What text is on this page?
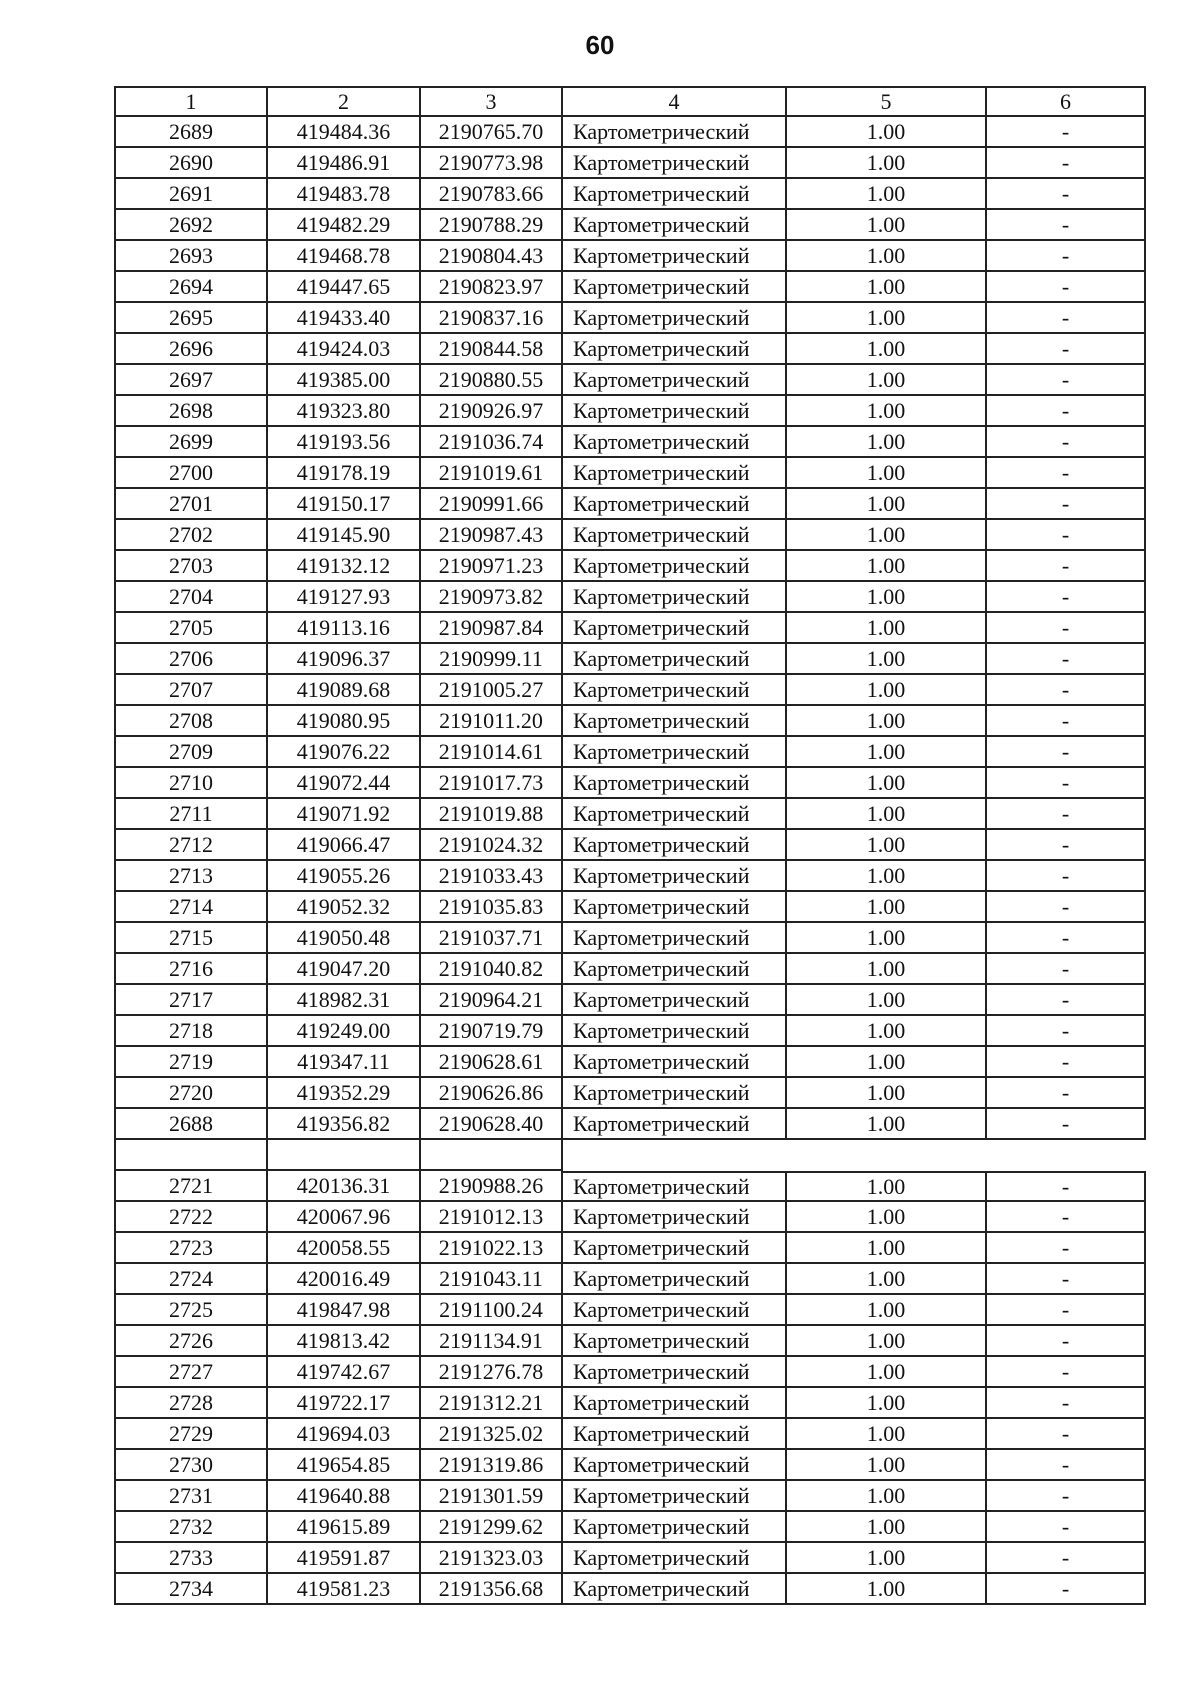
60
1	2	3	4	5	6
2689	419484.36	2190765.70	Картометрический	1.00	-
2690	419486.91	2190773.98	Картометрический	1.00	-
2691	419483.78	2190783.66	Картометрический	1.00	-
2692	419482.29	2190788.29	Картометрический	1.00	-
2693	419468.78	2190804.43	Картометрический	1.00	-
2694	419447.65	2190823.97	Картометрический	1.00	-
2695	419433.40	2190837.16	Картометрический	1.00	-
2696	419424.03	2190844.58	Картометрический	1.00	-
2697	419385.00	2190880.55	Картометрический	1.00	-
2698	419323.80	2190926.97	Картометрический	1.00	-
2699	419193.56	2191036.74	Картометрический	1.00	-
2700	419178.19	2191019.61	Картометрический	1.00	-
2701	419150.17	2190991.66	Картометрический	1.00	-
2702	419145.90	2190987.43	Картометрический	1.00	-
2703	419132.12	2190971.23	Картометрический	1.00	-
2704	419127.93	2190973.82	Картометрический	1.00	-
2705	419113.16	2190987.84	Картометрический	1.00	-
2706	419096.37	2190999.11	Картометрический	1.00	-
2707	419089.68	2191005.27	Картометрический	1.00	-
2708	419080.95	2191011.20	Картометрический	1.00	-
2709	419076.22	2191014.61	Картометрический	1.00	-
2710	419072.44	2191017.73	Картометрический	1.00	-
2711	419071.92	2191019.88	Картометрический	1.00	-
2712	419066.47	2191024.32	Картометрический	1.00	-
2713	419055.26	2191033.43	Картометрический	1.00	-
2714	419052.32	2191035.83	Картометрический	1.00	-
2715	419050.48	2191037.71	Картометрический	1.00	-
2716	419047.20	2191040.82	Картометрический	1.00	-
2717	418982.31	2190964.21	Картометрический	1.00	-
2718	419249.00	2190719.79	Картометрический	1.00	-
2719	419347.11	2190628.61	Картометрический	1.00	-
2720	419352.29	2190626.86	Картометрический	1.00	-
2688	419356.82	2190628.40	Картометрический	1.00	-
2721	420136.31	2190988.26	Картометрический	1.00	-
2722	420067.96	2191012.13	Картометрический	1.00	-
2723	420058.55	2191022.13	Картометрический	1.00	-
2724	420016.49	2191043.11	Картометрический	1.00	-
2725	419847.98	2191100.24	Картометрический	1.00	-
2726	419813.42	2191134.91	Картометрический	1.00	-
2727	419742.67	2191276.78	Картометрический	1.00	-
2728	419722.17	2191312.21	Картометрический	1.00	-
2729	419694.03	2191325.02	Картометрический	1.00	-
2730	419654.85	2191319.86	Картометрический	1.00	-
2731	419640.88	2191301.59	Картометрический	1.00	-
2732	419615.89	2191299.62	Картометрический	1.00	-
2733	419591.87	2191323.03	Картометрический	1.00	-
2734	419581.23	2191356.68	Картометрический	1.00	-
